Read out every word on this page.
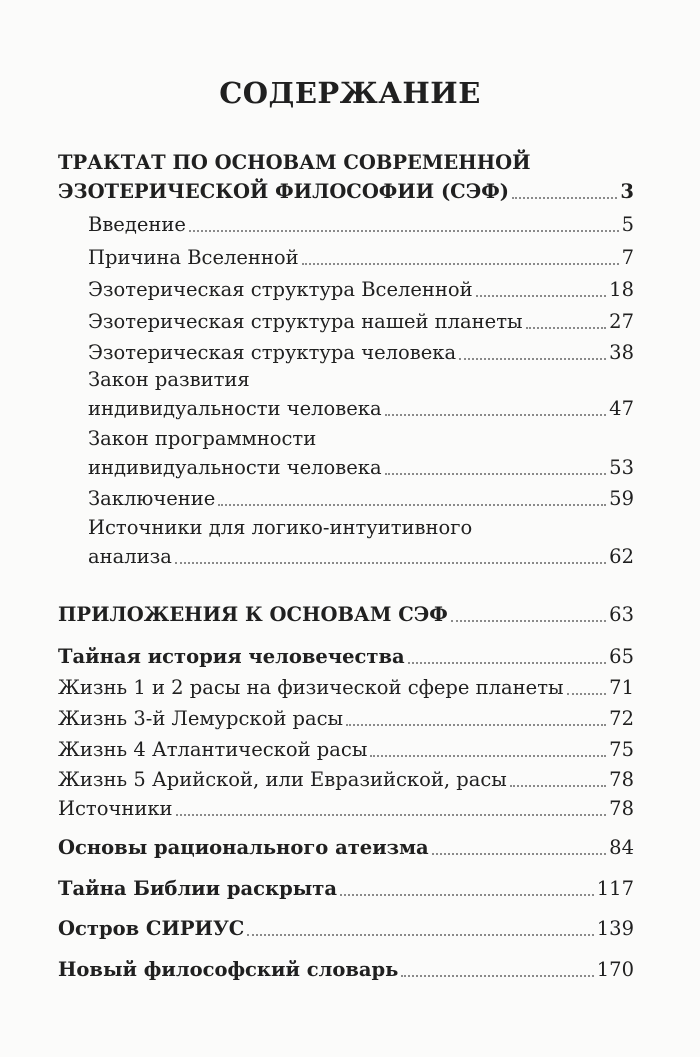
СОДЕРЖАНИЕ
ТРАКТАТ ПО ОСНОВАМ СОВРЕМЕННОЙ
ЭЗОТЕРИЧЕСКОЙ ФИЛОСОФИИ (СЭФ)	3
Введение	5
Причина Вселенной	7
Эзотерическая структура Вселенной	18
Эзотерическая структура нашей планеты	27
Эзотерическая структура человека	38
Закон развития
индивидуальности человека	47
Закон программности
индивидуальности человека	53
Заключение	59
Источники для логико-интуитивного
анализа	62
ПРИЛОЖЕНИЯ К ОСНОВАМ СЭФ	63
Тайная история человечества	65
Жизнь 1 и 2 расы на физической сфере планеты 71
Жизнь 3-й Лемурской расы	72
Жизнь 4 Атлантической расы	75
Жизнь 5 Арийской, или Евразийской, расы	78
Источники	78
Основы рационального атеизма	84
Тайна Библии раскрыта	117
Остров СИРИУС	139
Новый философский словарь	170
